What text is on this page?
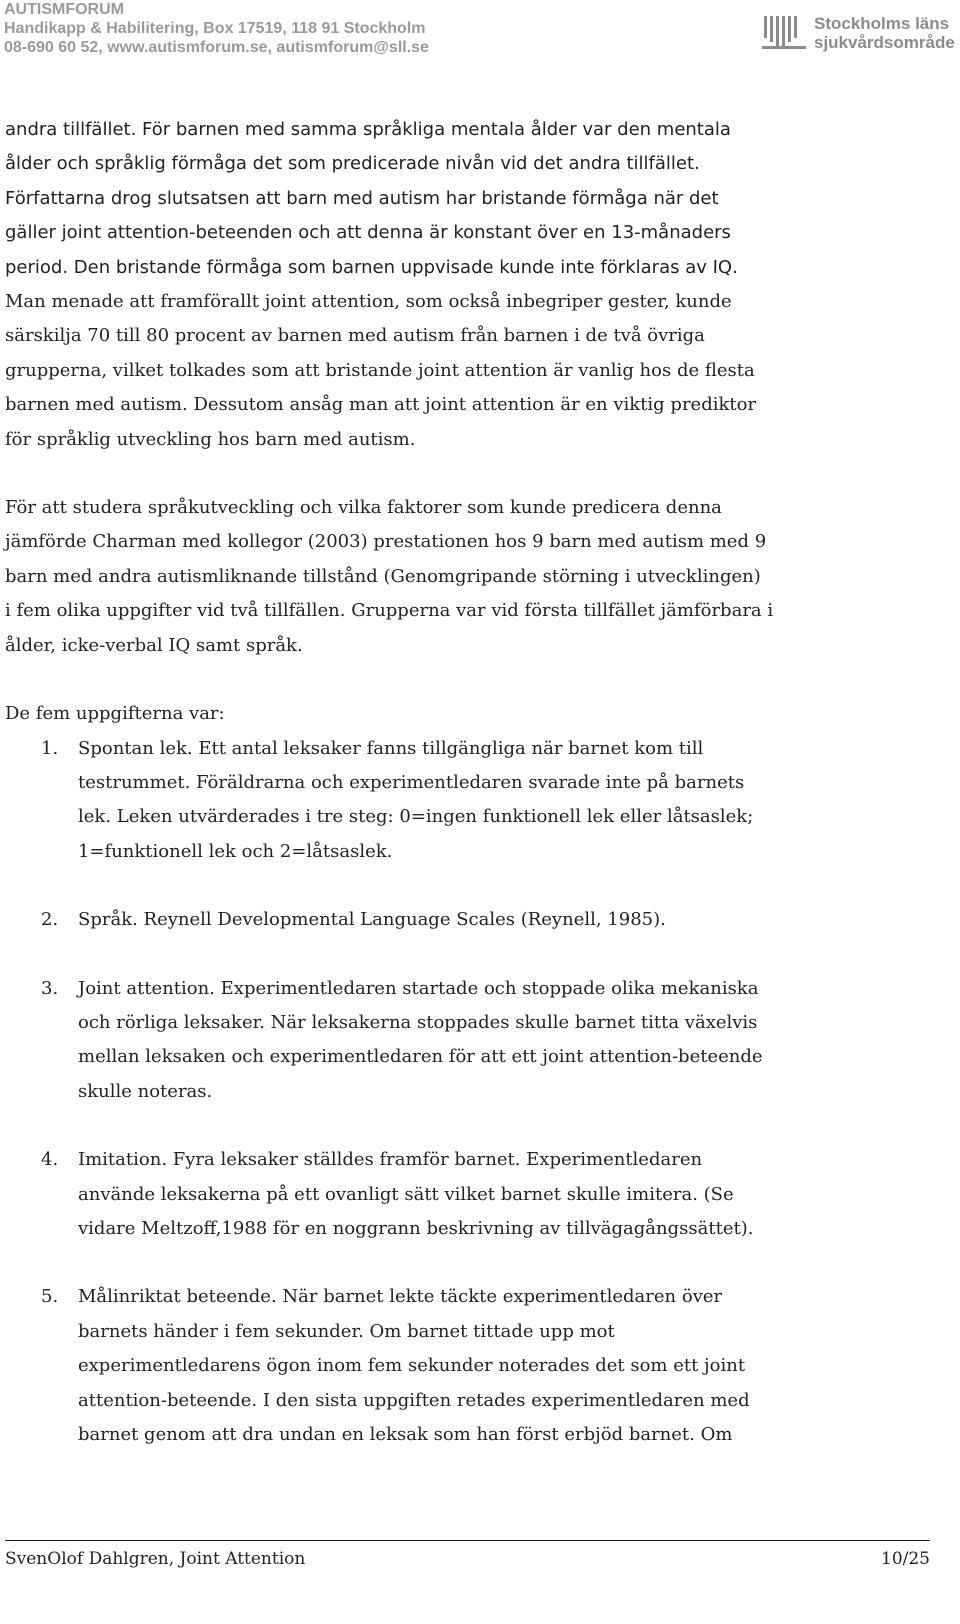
AUTISMFORUM
Handikapp & Habilitering, Box 17519, 118 91 Stockholm
08-690 60 52, www.autismforum.se, autismforum@sll.se
Stockholms läns
sjukvårdsområde

andra tillfället. För barnen med samma språkliga mentala ålder var den mentala

ålder och språklig förmåga det som predicerade nivån vid det andra tillfället.

Författarna drog slutsatsen att barn med autism har bristande förmåga när det

gäller joint attention-beteenden och att denna är konstant över en 13-månaders

period. Den bristande förmåga som barnen uppvisade kunde inte förklaras av IQ.

Man menade att framförallt joint attention, som också inbegriper gester, kunde

särskilja 70 till 80 procent av barnen med autism från barnen i de två övriga

grupperna, vilket tolkades som att bristande joint attention är vanlig hos de flesta

barnen med autism. Dessutom ansåg man att joint attention är en viktig prediktor

för språklig utveckling hos barn med autism.

För att studera språkutveckling och vilka faktorer som kunde predicera denna

jämförde Charman med kollegor (2003) prestationen hos 9 barn med autism med 9

barn med andra autismliknande tillstånd (Genomgripande störning i utvecklingen)

i fem olika uppgifter vid två tillfällen. Grupperna var vid första tillfället jämförbara i

ålder, icke-verbal IQ samt språk.

De fem uppgifterna var:

1. Spontan lek. Ett antal leksaker fanns tillgängliga när barnet kom till

testrummet. Föräldrarna och experimentledaren svarade inte på barnets

lek. Leken utvärderades i tre steg: 0=ingen funktionell lek eller låtsaslek;

1=funktionell lek och 2=låtsaslek.

2. Språk. Reynell Developmental Language Scales (Reynell, 1985).

3. Joint attention. Experimentledaren startade och stoppade olika mekaniska

och rörliga leksaker. När leksakerna stoppades skulle barnet titta växelvis

mellan leksaken och experimentledaren för att ett joint attention-beteende

skulle noteras.

4. Imitation. Fyra leksaker ställdes framför barnet. Experimentledaren

använde leksakerna på ett ovanligt sätt vilket barnet skulle imitera. (Se

vidare Meltzoff,1988 för en noggrann beskrivning av tillvägagångssättet).

5. Målinriktat beteende. När barnet lekte täckte experimentledaren över

barnets händer i fem sekunder. Om barnet tittade upp mot

experimentledarens ögon inom fem sekunder noterades det som ett joint

attention-beteende. I den sista uppgiften retades experimentledaren med

barnet genom att dra undan en leksak som han först erbjöd barnet. Om

SvenOlof Dahlgren, Joint Attention	10/25
